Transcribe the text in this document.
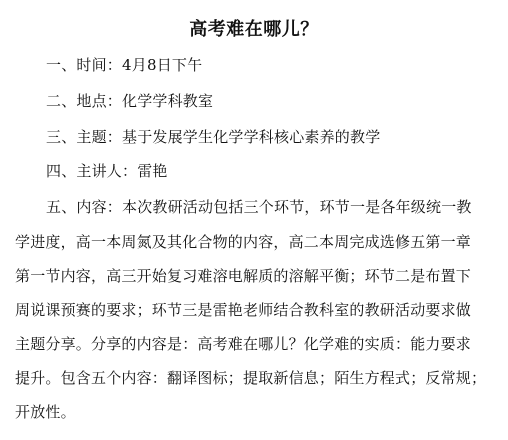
高考难在哪儿？
一、时间：4月8日下午
二、地点：化学学科教室
三、主题：基于发展学生化学学科核心素养的教学
四、主讲人：雷艳
五、内容：本次教研活动包括三个环节，环节一是各年级统一教
学进度，高一本周氮及其化合物的内容，高二本周完成选修五第一章
第一节内容，高三开始复习难溶电解质的溶解平衡；环节二是布置下
周说课预赛的要求；环节三是雷艳老师结合教科室的教研活动要求做
主题分享。分享的内容是：高考难在哪儿？化学难的实质：能力要求
提升。包含五个内容：翻译图标；提取新信息；陌生方程式；反常规；
开放性。
